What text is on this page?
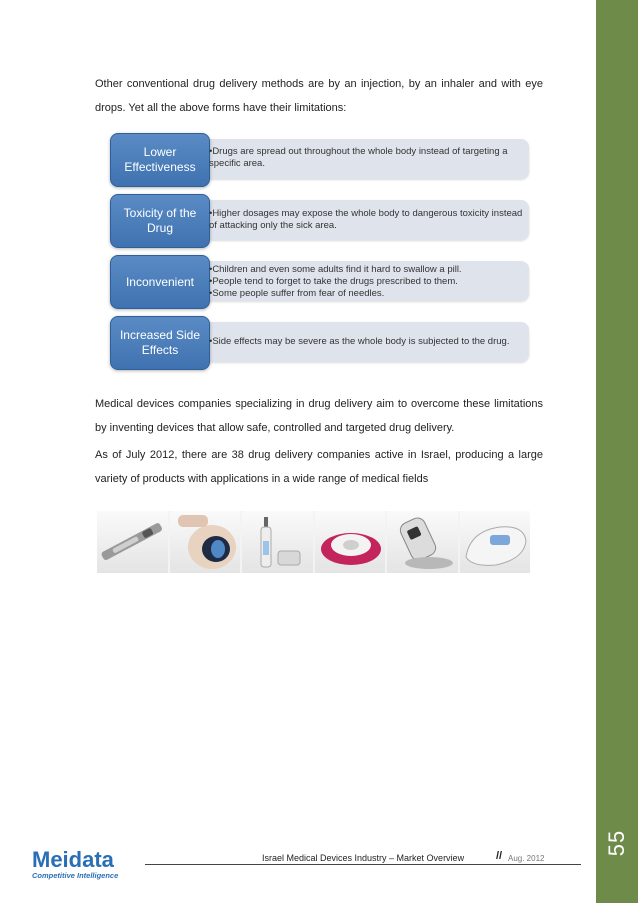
55
Other conventional drug delivery methods are by an injection, by an inhaler and with eye drops. Yet all the above forms have their limitations:
Lower Effectiveness
•Drugs are spread out throughout the whole body instead of targeting a specific area.
Toxicity of the Drug
•Higher dosages may expose the whole body to dangerous toxicity instead of attacking only the sick area.
Inconvenient
•Children and even some adults find it hard to swallow a pill.
•People tend to forget to take the drugs prescribed to them.
•Some people suffer from fear of needles.
Increased Side Effects
•Side effects may be severe as the whole body is subjected to the drug.
Medical devices companies specializing in drug delivery aim to overcome these limitations by inventing devices that allow safe, controlled and targeted drug delivery.
As of July 2012, there are 38 drug delivery companies active in Israel, producing a large variety of products with applications in a wide range of medical fields
Meidata
Competitive Intelligence
Israel Medical Devices Industry – Market Overview	// Aug. 2012
